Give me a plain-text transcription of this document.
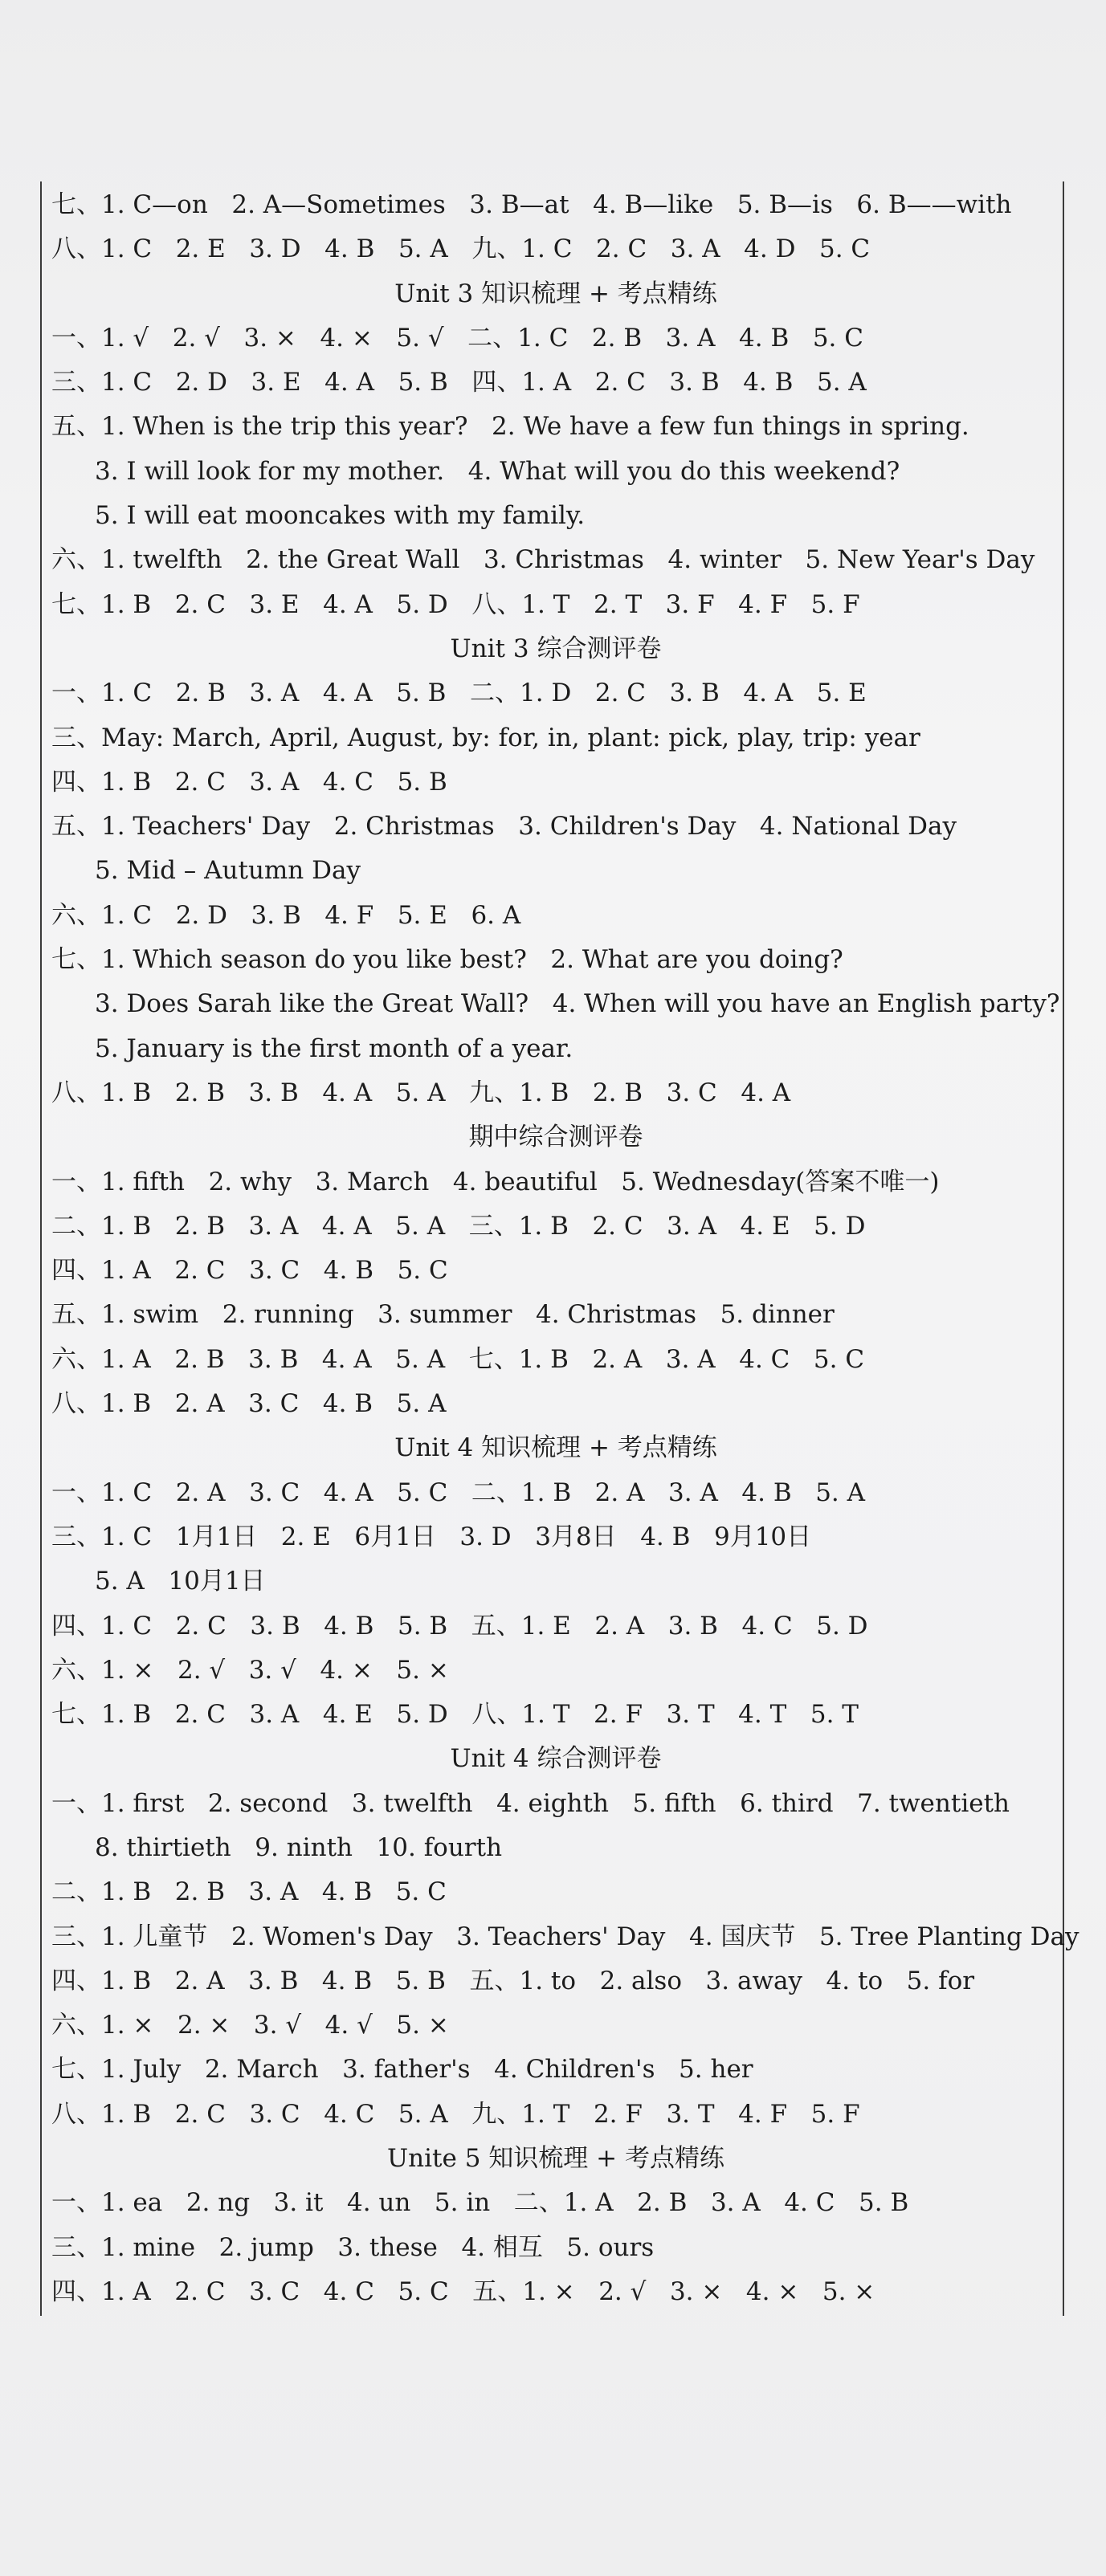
七、1. C—on   2. A—Sometimes   3. B—at   4. B—like   5. B—is   6. B——with
八、1. C   2. E   3. D   4. B   5. A   九、1. C   2. C   3. A   4. D   5. C
Unit 3 知识梳理 + 考点精练
一、1. √   2. √   3. ×   4. ×   5. √   二、1. C   2. B   3. A   4. B   5. C
三、1. C   2. D   3. E   4. A   5. B   四、1. A   2. C   3. B   4. B   5. A
五、1. When is the trip this year?   2. We have a few fun things in spring.
3. I will look for my mother.   4. What will you do this weekend?
5. I will eat mooncakes with my family.
六、1. twelfth   2. the Great Wall   3. Christmas   4. winter   5. New Year's Day
七、1. B   2. C   3. E   4. A   5. D   八、1. T   2. T   3. F   4. F   5. F
Unit 3 综合测评卷
一、1. C   2. B   3. A   4. A   5. B   二、1. D   2. C   3. B   4. A   5. E
三、May: March, April, August, by: for, in, plant: pick, play, trip: year
四、1. B   2. C   3. A   4. C   5. B
五、1. Teachers' Day   2. Christmas   3. Children's Day   4. National Day
5. Mid – Autumn Day
六、1. C   2. D   3. B   4. F   5. E   6. A
七、1. Which season do you like best?   2. What are you doing?
3. Does Sarah like the Great Wall?   4. When will you have an English party?
5. January is the first month of a year.
八、1. B   2. B   3. B   4. A   5. A   九、1. B   2. B   3. C   4. A
期中综合测评卷
一、1. fifth   2. why   3. March   4. beautiful   5. Wednesday(答案不唯一)
二、1. B   2. B   3. A   4. A   5. A   三、1. B   2. C   3. A   4. E   5. D
四、1. A   2. C   3. C   4. B   5. C
五、1. swim   2. running   3. summer   4. Christmas   5. dinner
六、1. A   2. B   3. B   4. A   5. A   七、1. B   2. A   3. A   4. C   5. C
八、1. B   2. A   3. C   4. B   5. A
Unit 4 知识梳理 + 考点精练
一、1. C   2. A   3. C   4. A   5. C   二、1. B   2. A   3. A   4. B   5. A
三、1. C   1月1日   2. E   6月1日   3. D   3月8日   4. B   9月10日
5. A   10月1日
四、1. C   2. C   3. B   4. B   5. B   五、1. E   2. A   3. B   4. C   5. D
六、1. ×   2. √   3. √   4. ×   5. ×
七、1. B   2. C   3. A   4. E   5. D   八、1. T   2. F   3. T   4. T   5. T
Unit 4 综合测评卷
一、1. first   2. second   3. twelfth   4. eighth   5. fifth   6. third   7. twentieth
8. thirtieth   9. ninth   10. fourth
二、1. B   2. B   3. A   4. B   5. C
三、1. 儿童节   2. Women's Day   3. Teachers' Day   4. 国庆节   5. Tree Planting Day
四、1. B   2. A   3. B   4. B   5. B   五、1. to   2. also   3. away   4. to   5. for
六、1. ×   2. ×   3. √   4. √   5. ×
七、1. July   2. March   3. father's   4. Children's   5. her
八、1. B   2. C   3. C   4. C   5. A   九、1. T   2. F   3. T   4. F   5. F
Unite 5 知识梳理 + 考点精练
一、1. ea   2. ng   3. it   4. un   5. in   二、1. A   2. B   3. A   4. C   5. B
三、1. mine   2. jump   3. these   4. 相互   5. ours
四、1. A   2. C   3. C   4. C   5. C   五、1. ×   2. √   3. ×   4. ×   5. ×
